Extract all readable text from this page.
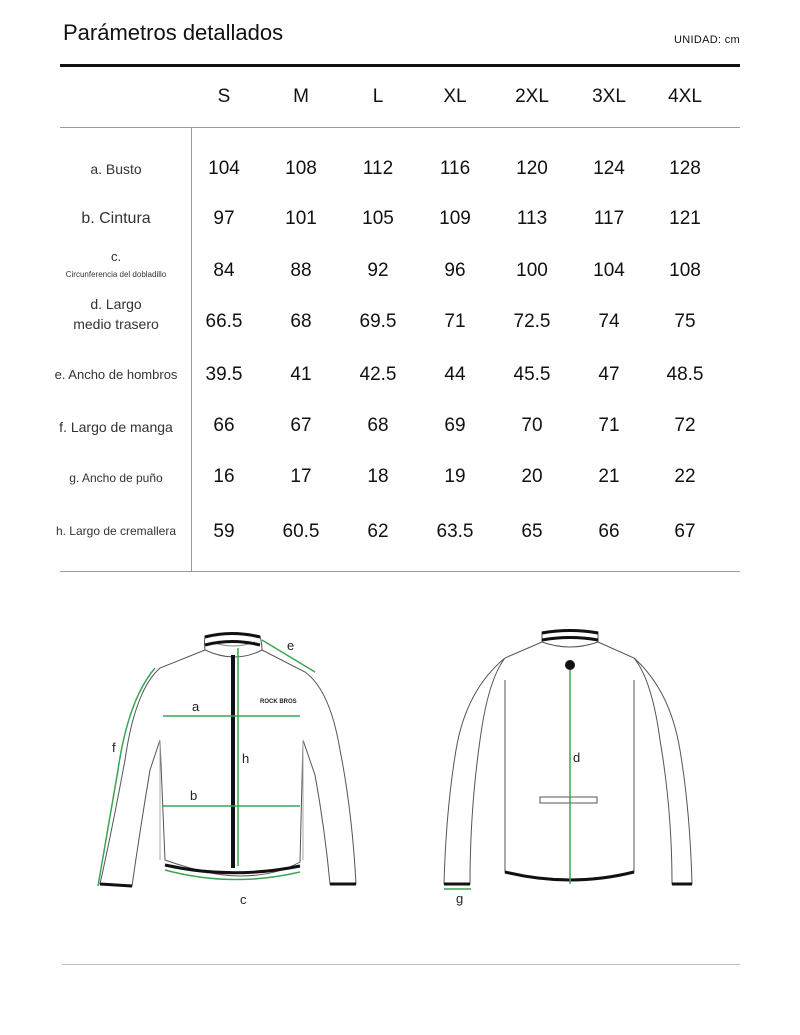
Parámetros detallados	UNIDAD: cm
S	M	L	XL	2XL	3XL	4XL
a. Busto	104	108	112	116	120	124	128
b. Cintura	97	101	105	109	113	117	121
c.
Circunferencia del dobladillo	84	88	92	96	100	104	108
d. Largo
medio trasero	66.5	68	69.5	71	72.5	74	75
e. Ancho de hombros	39.5	41	42.5	44	45.5	47	48.5
f. Largo de manga	66	67	68	69	70	71	72
g. Ancho de puño	16	17	18	19	20	21	22
h. Largo de cremallera	59	60.5	62	63.5	65	66	67
ROCK BROS
a
b
c
e
f
h	d
g
